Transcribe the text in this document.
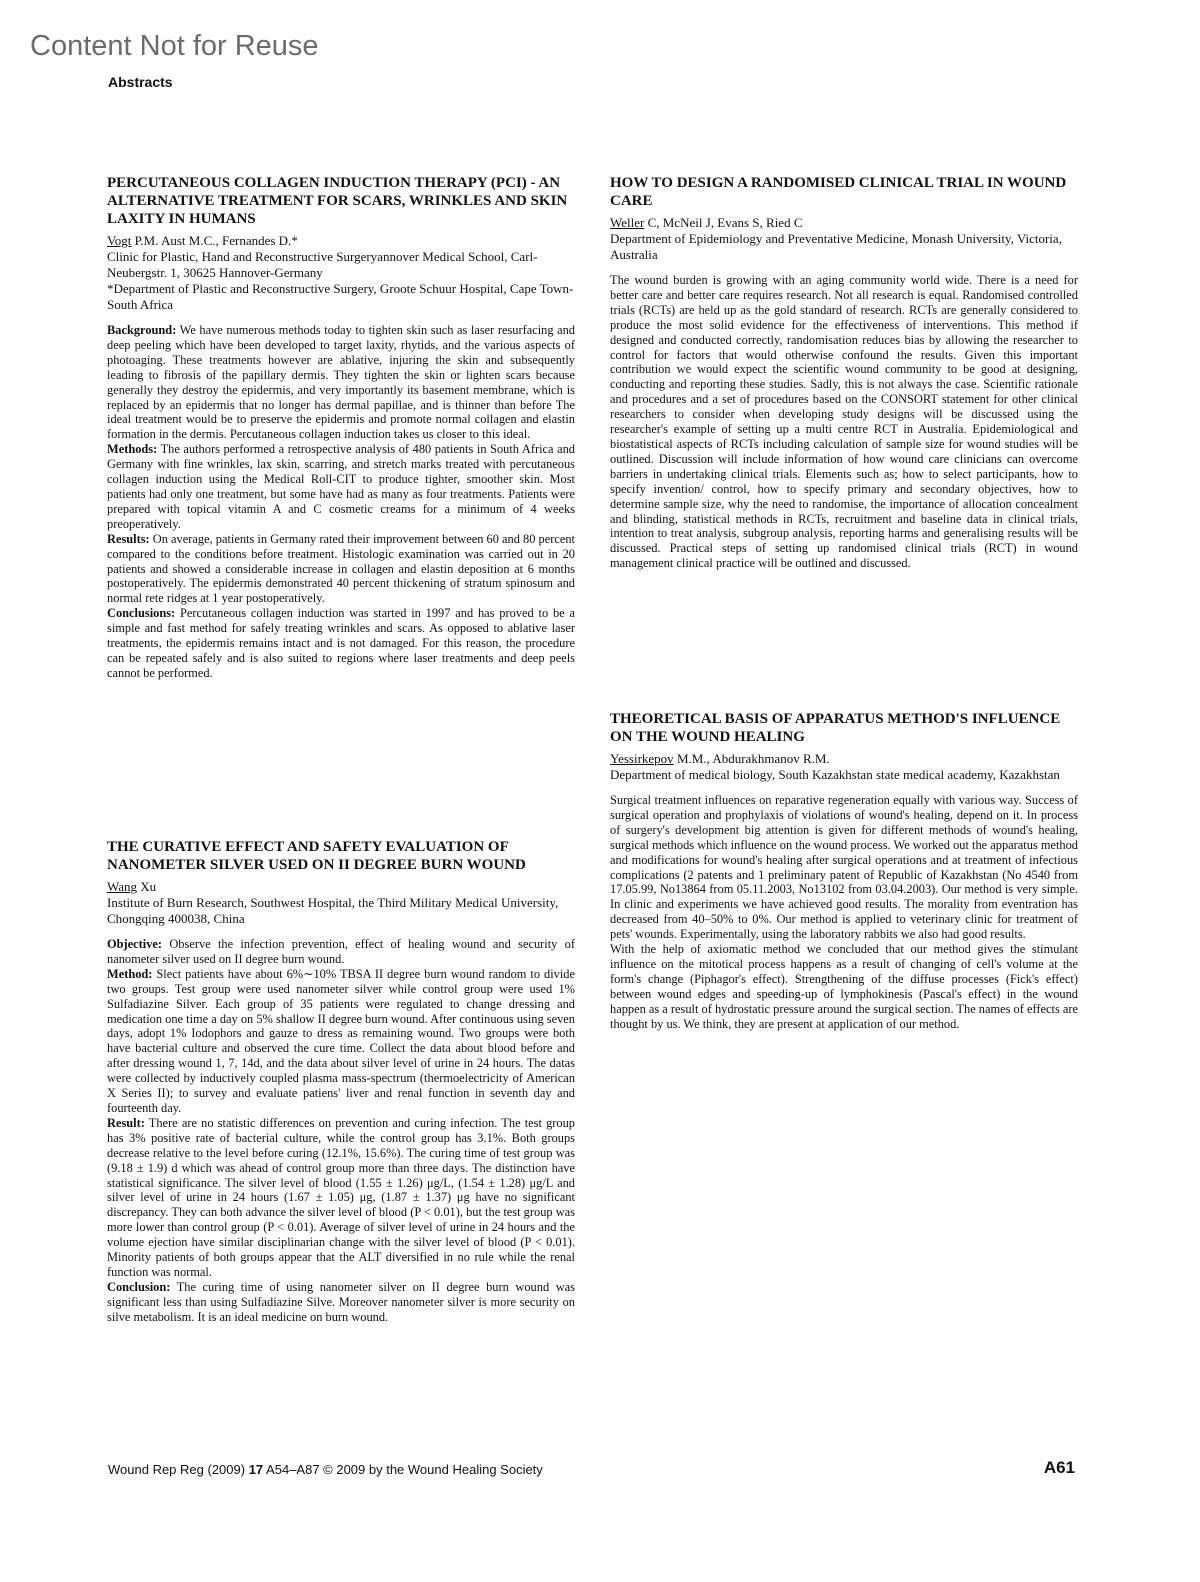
Content Not for Reuse
Abstracts
PERCUTANEOUS COLLAGEN INDUCTION THERAPY (PCI) - AN ALTERNATIVE TREATMENT FOR SCARS, WRINKLES AND SKIN LAXITY IN HUMANS
Vogt P.M. Aust M.C., Fernandes D.*
Clinic for Plastic, Hand and Reconstructive Surgeryannover Medical School, Carl-Neubergstr. 1, 30625 Hannover-Germany
*Department of Plastic and Reconstructive Surgery, Groote Schuur Hospital, Cape Town-South Africa

Background: We have numerous methods today to tighten skin such as laser resurfacing and deep peeling which have been developed to target laxity, rhytids, and the various aspects of photoaging. These treatments however are ablative, injuring the skin and subsequently leading to fibrosis of the papillary dermis. They tighten the skin or lighten scars because generally they destroy the epidermis, and very importantly its basement membrane, which is replaced by an epidermis that no longer has dermal papillae, and is thinner than before The ideal treatment would be to preserve the epidermis and promote normal collagen and elastin formation in the dermis. Percutaneous collagen induction takes us closer to this ideal.

Methods: The authors performed a retrospective analysis of 480 patients in South Africa and Germany with fine wrinkles, lax skin, scarring, and stretch marks treated with percutaneous collagen induction using the Medical Roll-CIT to produce tighter, smoother skin. Most patients had only one treatment, but some have had as many as four treatments. Patients were prepared with topical vitamin A and C cosmetic creams for a minimum of 4 weeks preoperatively.

Results: On average, patients in Germany rated their improvement between 60 and 80 percent compared to the conditions before treatment. Histologic examination was carried out in 20 patients and showed a considerable increase in collagen and elastin deposition at 6 months postoperatively. The epidermis demonstrated 40 percent thickening of stratum spinosum and normal rete ridges at 1 year postoperatively.

Conclusions: Percutaneous collagen induction was started in 1997 and has proved to be a simple and fast method for safely treating wrinkles and scars. As opposed to ablative laser treatments, the epidermis remains intact and is not damaged. For this reason, the procedure can be repeated safely and is also suited to regions where laser treatments and deep peels cannot be performed.

THE CURATIVE EFFECT AND SAFETY EVALUATION OF NANOMETER SILVER USED ON II DEGREE BURN WOUND
Wang Xu
Institute of Burn Research, Southwest Hospital, the Third Military Medical University, Chongqing 400038, China

Objective: Observe the infection prevention, effect of healing wound and security of nanometer silver used on II degree burn wound.

Method: Slect patients have about 6%∼10% TBSA II degree burn wound random to divide two groups. Test group were used nanometer silver while control group were used 1% Sulfadiazine Silver. Each group of 35 patients were regulated to change dressing and medication one time a day on 5% shallow II degree burn wound. After continuous using seven days, adopt 1% Iodophors and gauze to dress as remaining wound. Two groups were both have bacterial culture and observed the cure time. Collect the data about blood before and after dressing wound 1, 7, 14d, and the data about silver level of urine in 24 hours. The datas were collected by inductively coupled plasma mass-spectrum (thermoelectricity of American X Series II); to survey and evaluate patiens' liver and renal function in seventh day and fourteenth day.

Result: There are no statistic differences on prevention and curing infection. The test group has 3% positive rate of bacterial culture, while the control group has 3.1%. Both groups decrease relative to the level before curing (12.1%, 15.6%). The curing time of test group was (9.18 ± 1.9) d which was ahead of control group more than three days. The distinction have statistical significance. The silver level of blood (1.55 ± 1.26) μg/L, (1.54 ± 1.28) μg/L and silver level of urine in 24 hours (1.67 ± 1.05) μg, (1.87 ± 1.37) μg have no significant discrepancy. They can both advance the silver level of blood (P < 0.01), but the test group was more lower than control group (P < 0.01). Average of silver level of urine in 24 hours and the volume ejection have similar disciplinarian change with the silver level of blood (P < 0.01). Minority patients of both groups appear that the ALT diversified in no rule while the renal function was normal.

Conclusion: The curing time of using nanometer silver on II degree burn wound was significant less than using Sulfadiazine Silve. Moreover nanometer silver is more security on silve metabolism. It is an ideal medicine on burn wound.

HOW TO DESIGN A RANDOMISED CLINICAL TRIAL IN WOUND CARE
Weller C, McNeil J, Evans S, Ried C
Department of Epidemiology and Preventative Medicine, Monash University, Victoria, Australia

The wound burden is growing with an aging community world wide. There is a need for better care and better care requires research. Not all research is equal. Randomised controlled trials (RCTs) are held up as the gold standard of research. RCTs are generally considered to produce the most solid evidence for the effectiveness of interventions. This method if designed and conducted correctly, randomisation reduces bias by allowing the researcher to control for factors that would otherwise confound the results. Given this important contribution we would expect the scientific wound community to be good at designing, conducting and reporting these studies. Sadly, this is not always the case. Scientific rationale and procedures and a set of procedures based on the CONSORT statement for other clinical researchers to consider when developing study designs will be discussed using the researcher's example of setting up a multi centre RCT in Australia. Epidemiological and biostatistical aspects of RCTs including calculation of sample size for wound studies will be outlined. Discussion will include information of how wound care clinicians can overcome barriers in undertaking clinical trials. Elements such as; how to select participants, how to specify invention/ control, how to specify primary and secondary objectives, how to determine sample size, why the need to randomise, the importance of allocation concealment and blinding, statistical methods in RCTs, recruitment and baseline data in clinical trials, intention to treat analysis, subgroup analysis, reporting harms and generalising results will be discussed. Practical steps of setting up randomised clinical trials (RCT) in wound management clinical practice will be outlined and discussed.

THEORETICAL BASIS OF APPARATUS METHOD'S INFLUENCE ON THE WOUND HEALING
Yessirkepov M.M., Abdurakhmanov R.M.
Department of medical biology, South Kazakhstan state medical academy, Kazakhstan

Surgical treatment influences on reparative regeneration equally with various way. Success of surgical operation and prophylaxis of violations of wound's healing, depend on it. In process of surgery's development big attention is given for different methods of wound's healing, surgical methods which influence on the wound process. We worked out the apparatus method and modifications for wound's healing after surgical operations and at treatment of infectious complications (2 patents and 1 preliminary patent of Republic of Kazakhstan (No 4540 from 17.05.99, No13864 from 05.11.2003, No13102 from 03.04.2003). Our method is very simple. In clinic and experiments we have achieved good results. The morality from eventration has decreased from 40–50% to 0%. Our method is applied to veterinary clinic for treatment of pets' wounds. Experimentally, using the laboratory rabbits we also had good results.

With the help of axiomatic method we concluded that our method gives the stimulant influence on the mitotical process happens as a result of changing of cell's volume at the form's change (Piphagor's effect). Strengthening of the diffuse processes (Fick's effect) between wound edges and speeding-up of lymphokinesis (Pascal's effect) in the wound happen as a result of hydrostatic pressure around the surgical section. The names of effects are thought by us. We think, they are present at application of our method.

Wound Rep Reg (2009) 17 A54–A87 © 2009 by the Wound Healing Society	A61
